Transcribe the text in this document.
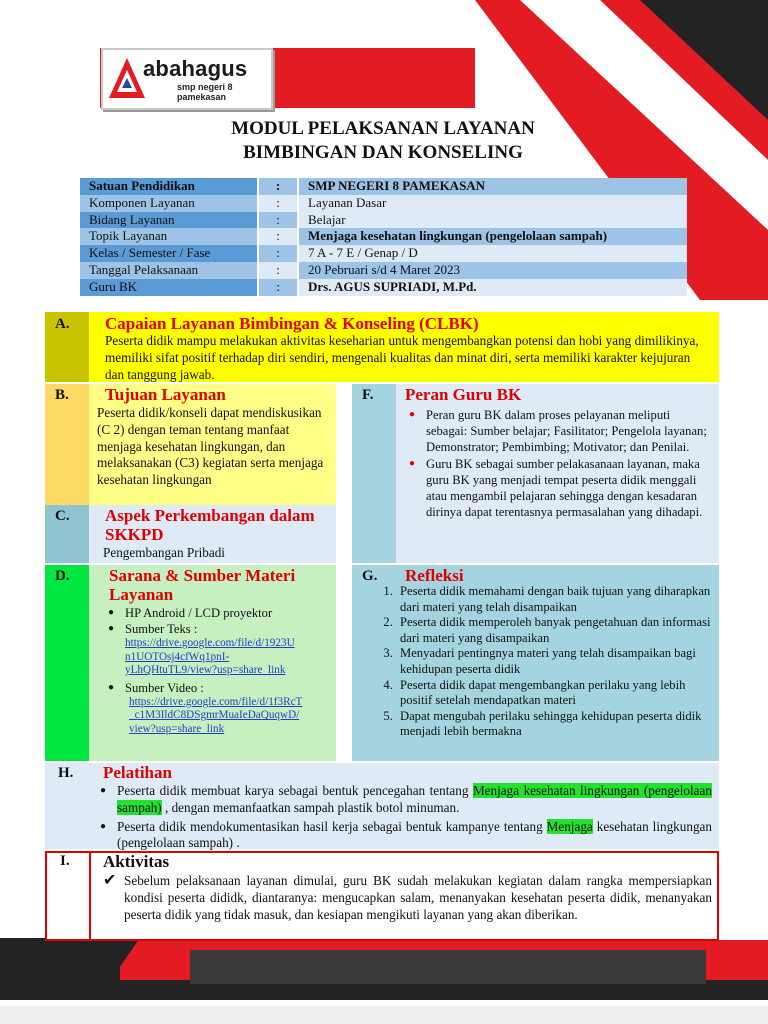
abahagus
smp negeri 8
pamekasan
MODUL PELAKSANAN LAYANAN
BIMBINGAN DAN KONSELING
Satuan Pendidikan	:	SMP NEGERI 8 PAMEKASAN
Komponen Layanan	:	Layanan Dasar
Bidang Layanan	:	Belajar
Topik Layanan	:	Menjaga kesehatan lingkungan (pengelolaan sampah)
Kelas / Semester / Fase	:	7 A - 7 E / Genap / D
Tanggal Pelaksanaan	:	20 Pebruari s/d 4 Maret 2023
Guru BK	:	Drs. AGUS SUPRIADI, M.Pd.
A. Capaian Layanan Bimbingan & Konseling (CLBK)
Peserta didik mampu melakukan aktivitas keseharian untuk mengembangkan potensi dan hobi yang dimilikinya, memiliki sifat positif terhadap diri sendiri, mengenali kualitas dan minat diri, serta memiliki karakter kejujuran dan tanggung jawab.
B. Tujuan Layanan
Peserta didik/konseli dapat mendiskusikan (C 2) dengan teman tentang manfaat menjaga kesehatan lingkungan, dan melaksanakan (C3) kegiatan serta menjaga kesehatan lingkungan
C. Aspek Perkembangan dalam
SKKPD
Pengembangan Pribadi
F. Peran Guru BK
● Peran guru BK dalam proses pelayanan meliputi sebagai: Sumber belajar; Fasilitator; Pengelola layanan; Demonstrator; Pembimbing; Motivator; dan Penilai.
● Guru BK sebagai sumber pelakasanaan layanan, maka guru BK yang menjadi tempat peserta didik menggali atau mengambil pelajaran sehingga dengan kesadaran dirinya dapat terentasnya permasalahan yang dihadapi.
D. Sarana & Sumber Materi
Layanan
● HP Android / LCD proyektor
● Sumber Teks :
https://drive.google.com/file/d/1923U
n1UOTOsj4cfWq1pnI-
yLhQHtuTL9/view?usp=share_link
● Sumber Video :
https://drive.google.com/file/d/1f3RcT
_c1M3IldC8DSgmrMuaIeDaQuqwD/
view?usp=share_link
G. Refleksi
1. Peserta didik memahami dengan baik tujuan yang diharapkan dari materi yang telah disampaikan
2. Peserta didik memperoleh banyak pengetahuan dan informasi dari materi yang disampaikan
3. Menyadari pentingnya materi yang telah disampaikan bagi kehidupan peserta didik
4. Peserta didik dapat mengembangkan perilaku yang lebih positif setelah mendapatkan materi
5. Dapat mengubah perilaku sehingga kehidupan peserta didik menjadi lebih bermakna
H. Pelatihan
● Peserta didik membuat karya sebagai bentuk pencegahan tentang Menjaga kesehatan lingkungan (pengelolaan sampah) , dengan memanfaatkan sampah plastik botol minuman.
● Peserta didik mendokumentasikan hasil kerja sebagai bentuk kampanye tentang Menjaga kesehatan lingkungan (pengelolaan sampah) .
I. Aktivitas
✔ Sebelum pelaksanaan layanan dimulai, guru BK sudah melakukan kegiatan dalam rangka mempersiapkan kondisi peserta dididk, diantaranya: mengucapkan salam, menanyakan kesehatan peserta didik, menanyakan peserta didik yang tidak masuk, dan kesiapan mengikuti layanan yang akan diberikan.
